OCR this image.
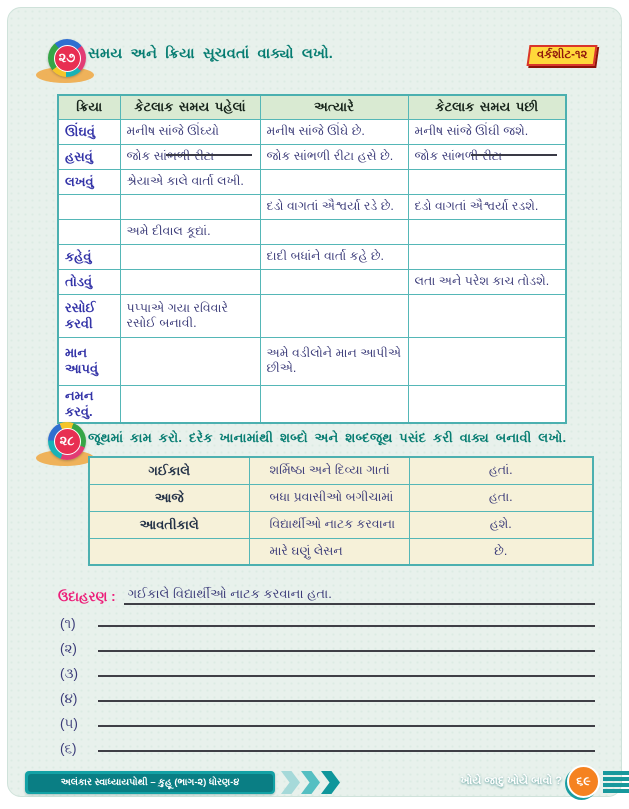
૨૭ સમય અને ક્રિયા સૂચવતાં વાક્યો લખો.	વર્કશીટ-૧૨
ક્રિયા	કેટલાક સમય પહેલાં	અત્યારે	કેટલાક સમય પછી
ઊંઘવું	મનીષ સાંજે ઊંઘ્યો	મનીષ સાંજે ઊંઘે છે.	મનીષ સાંજે ઊંઘી જશે.
હસવું	જોક સાંભળી રીટા	જોક સાંભળી રીટા હસે છે.	જોક સાંભળી રીટા

લખવું	શ્રેયાએ કાલે વાર્તા લખી.		
		દડો વાગતાં ઐશ્વર્યા રડે છે.	દડો વાગતાં ઐશ્વર્યા રડશે.
	અમે દીવાલ કૂદ્યાં.		
કહેવું		દાદી બધાંને વાર્તા કહે છે.	
તોડવું			લતા અને પરેશ કાચ તોડશે.
રસોઈ કરવી	પપ્પાએ ગયા રવિવારે રસોઈ બનાવી.		
માન આપવું		અમે વડીલોને માન આપીએ છીએ.	
નમન કરવું.			
૨૮	જૂથમાં કામ કરો. દરેક ખાનામાંથી શબ્દો અને શબ્દજૂથ પસંદ કરી વાક્ય બનાવી લખો.
ગઈકાલે	શર્મિષ્ઠા અને દિવ્યા ગાતાં	હતાં.
આજે	બધા પ્રવાસીઓ બગીચામાં	હતા.
આવતીકાલે	વિદ્યાર્થીઓ નાટક કરવાના	હશે.
	મારે ઘણું લેસન	છે.
ઉદાહરણ : ગઈકાલે વિદ્યાર્થીઓ નાટક કરવાના હતા.
(૧)
(૨)
(૩)
(૪)
(૫)
(૬)
અલંકાર સ્વાધ્યાયપોથી – કુહૂ (ભાગ-૨) ધોરણ-૪	ખોયે જાદુ ખોયે બાવો ?	૬૯
